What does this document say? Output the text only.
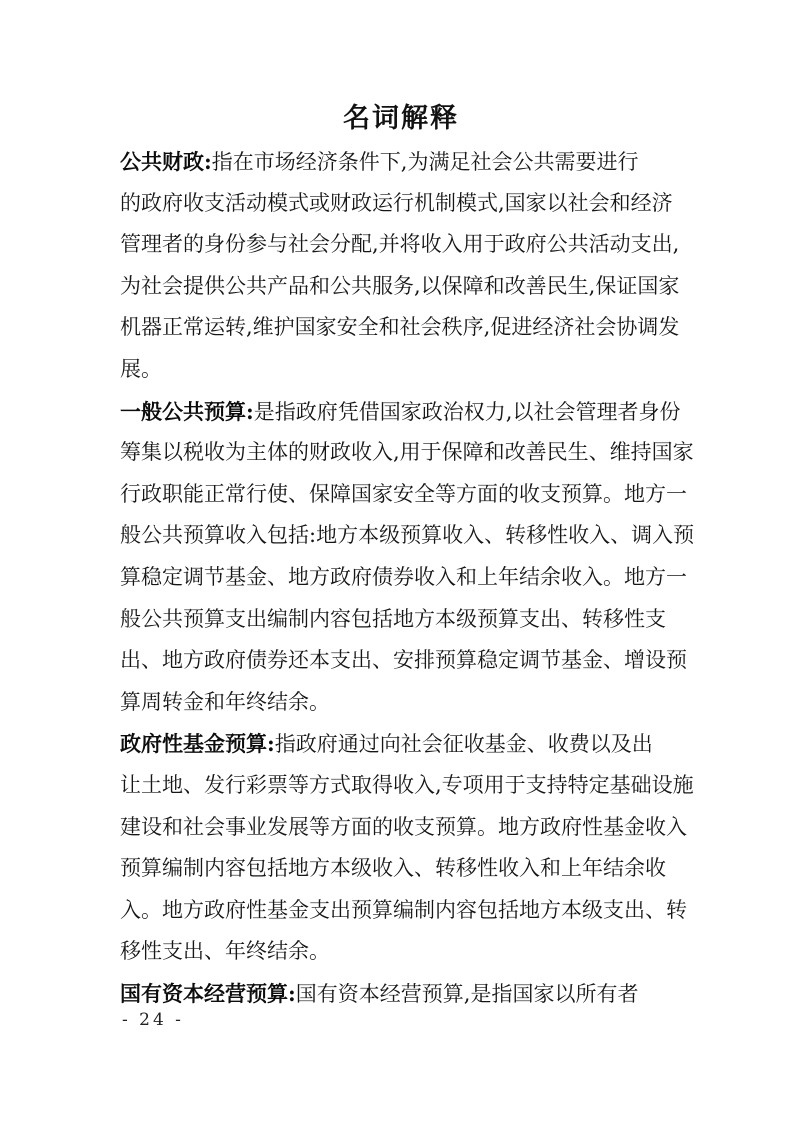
名词解释
公共财政:指在市场经济条件下,为满足社会公共需要进行
的政府收支活动模式或财政运行机制模式,国家以社会和经济
管理者的身份参与社会分配,并将收入用于政府公共活动支出,
为社会提供公共产品和公共服务,以保障和改善民生,保证国家
机器正常运转,维护国家安全和社会秩序,促进经济社会协调发
展。
一般公共预算:是指政府凭借国家政治权力,以社会管理者身份
筹集以税收为主体的财政收入,用于保障和改善民生、维持国家
行政职能正常行使、保障国家安全等方面的收支预算。地方一
般公共预算收入包括:地方本级预算收入、转移性收入、调入预
算稳定调节基金、地方政府债券收入和上年结余收入。地方一
般公共预算支出编制内容包括地方本级预算支出、转移性支
出、地方政府债券还本支出、安排预算稳定调节基金、增设预
算周转金和年终结余。
政府性基金预算:指政府通过向社会征收基金、收费以及出
让土地、发行彩票等方式取得收入,专项用于支持特定基础设施
建设和社会事业发展等方面的收支预算。地方政府性基金收入
预算编制内容包括地方本级收入、转移性收入和上年结余收
入。地方政府性基金支出预算编制内容包括地方本级支出、转
移性支出、年终结余。
国有资本经营预算:国有资本经营预算,是指国家以所有者
- 24 -
